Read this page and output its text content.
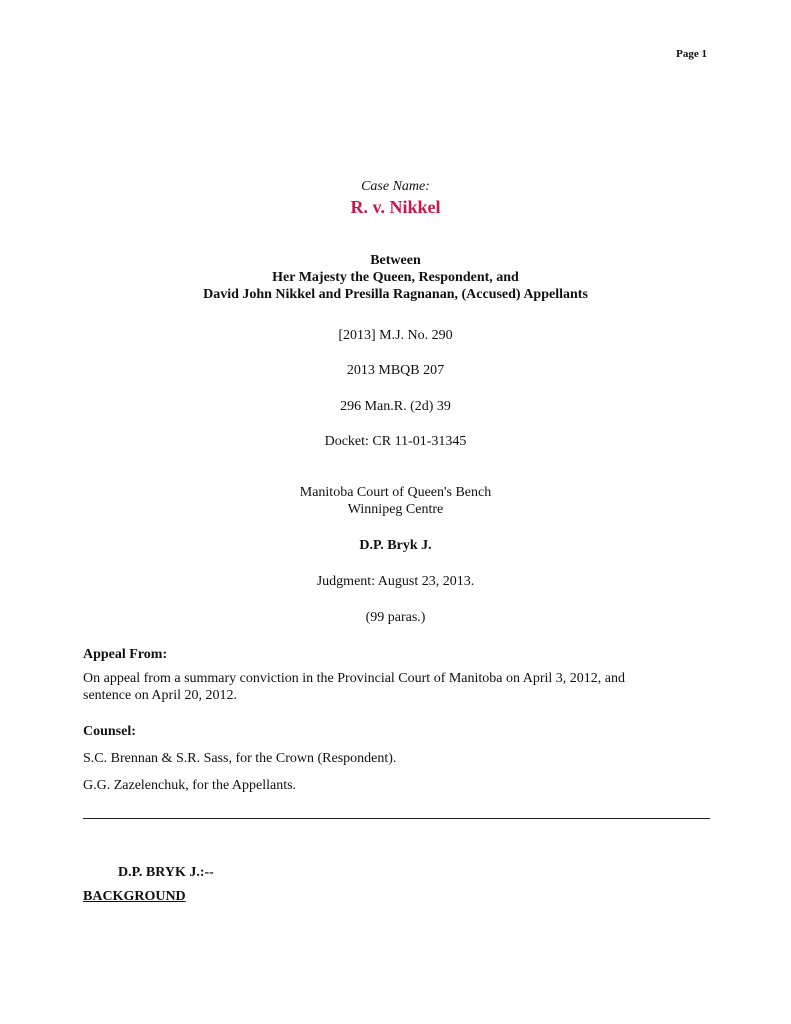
Page 1
Case Name:
R. v. Nikkel
Between
Her Majesty the Queen, Respondent, and
David John Nikkel and Presilla Ragnanan, (Accused) Appellants
[2013] M.J. No. 290
2013 MBQB 207
296 Man.R. (2d) 39
Docket: CR 11-01-31345
Manitoba Court of Queen's Bench
Winnipeg Centre
D.P. Bryk J.
Judgment: August 23, 2013.
(99 paras.)
Appeal From:
On appeal from a summary conviction in the Provincial Court of Manitoba on April 3, 2012, and
sentence on April 20, 2012.
Counsel:
S.C. Brennan & S.R. Sass, for the Crown (Respondent).
G.G. Zazelenchuk, for the Appellants.
D.P. BRYK J.:--
BACKGROUND
